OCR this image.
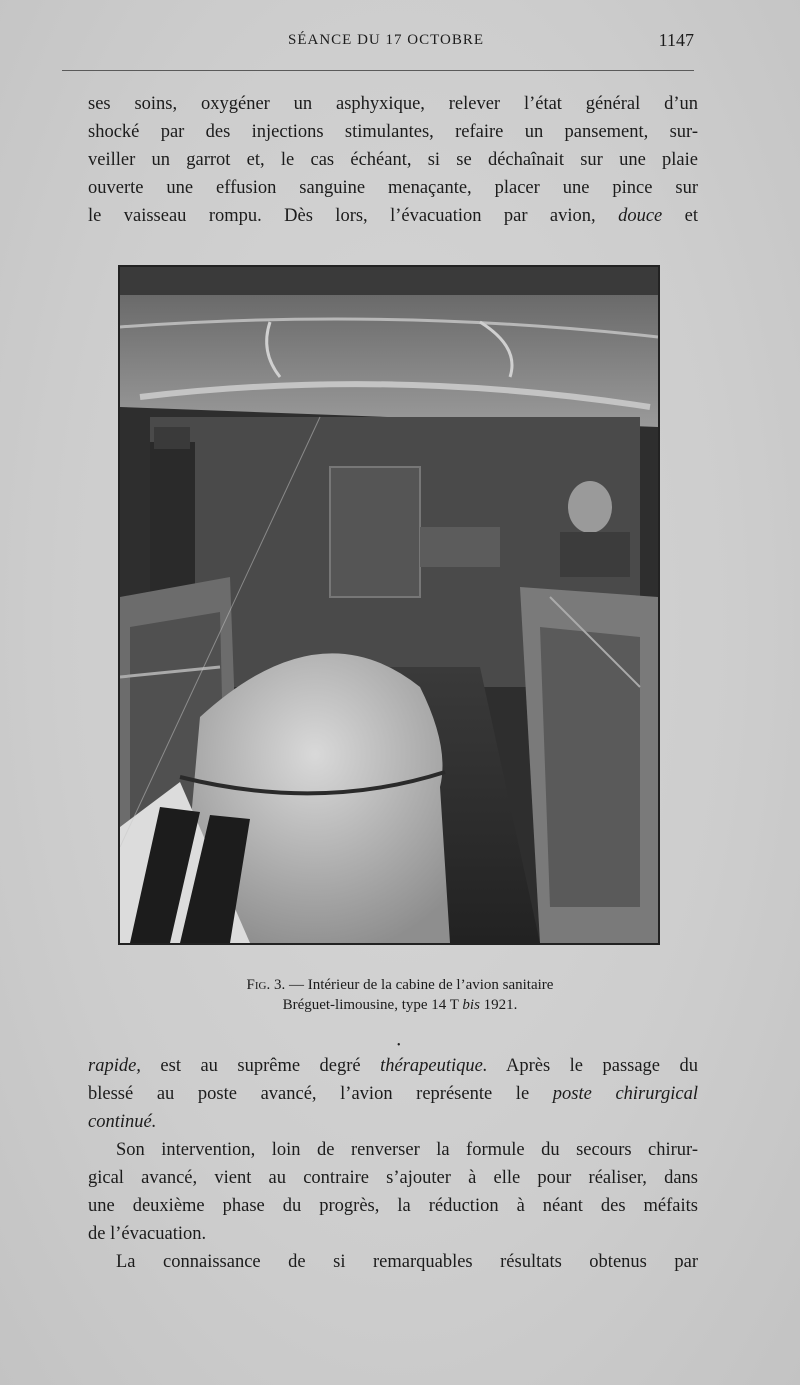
SÉANCE DU 17 OCTOBRE	1147
ses soins, oxygéner un asphyxique, relever l’état général d’un
shocké par des injections stimulantes, refaire un pansement, sur-
veiller un garrot et, le cas échéant, si se déchaînait sur une plaie
ouverte une effusion sanguine menaçante, placer une pince sur
le vaisseau rompu. Dès lors, l’évacuation par avion, douce et
Fig. 3. — Intérieur de la cabine de l’avion sanitaire
Bréguet-limousine, type 14 T bis 1921.
•
rapide, est au suprême degré thérapeutique. Après le passage du
blessé au poste avancé, l’avion représente le poste chirurgical
continué.
Son intervention, loin de renverser la formule du secours chirur-
gical avancé, vient au contraire s’ajouter à elle pour réaliser, dans
une deuxième phase du progrès, la réduction à néant des méfaits
de l’évacuation.
La connaissance de si remarquables résultats obtenus par
